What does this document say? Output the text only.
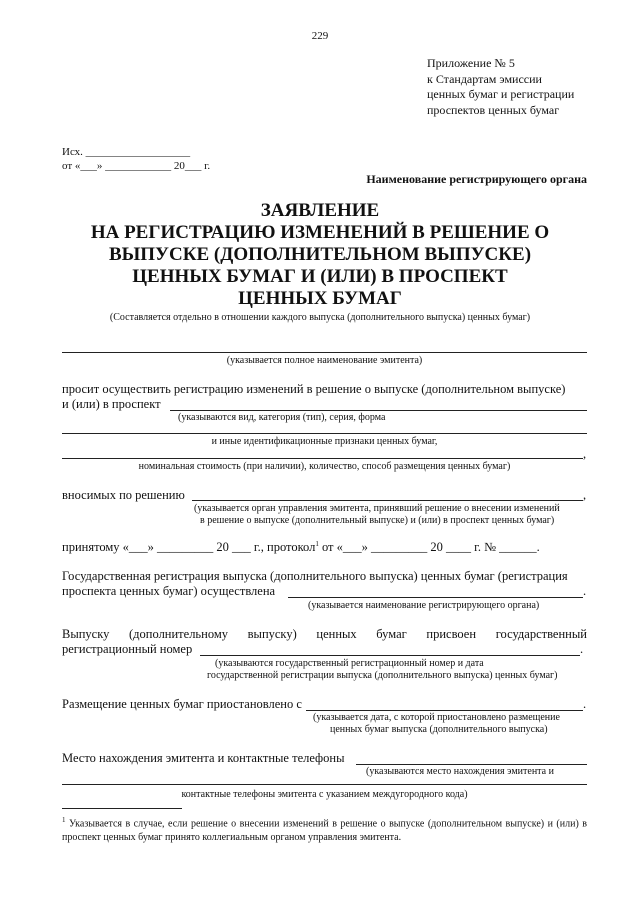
229
Приложение № 5
к Стандартам эмиссии
ценных бумаг и регистрации
проспектов ценных бумаг
Исх. ___________________
от «___» ____________ 20___ г.
Наименование регистрирующего органа
ЗАЯВЛЕНИЕ
НА РЕГИСТРАЦИЮ ИЗМЕНЕНИЙ В РЕШЕНИЕ О
ВЫПУСКЕ (ДОПОЛНИТЕЛЬНОМ ВЫПУСКЕ)
ЦЕННЫХ БУМАГ И (ИЛИ) В ПРОСПЕКТ
ЦЕННЫХ БУМАГ
(Составляется отдельно в отношении каждого выпуска (дополнительного выпуска) ценных бумаг)
(указывается полное наименование эмитента)
просит осуществить регистрацию изменений в решение о выпуске (дополнительном выпуске)
и (или) в проспект
(указываются вид, категория (тип), серия, форма
и иные идентификационные признаки ценных бумаг,
,
номинальная стоимость (при наличии), количество, способ размещения ценных бумаг)
вносимых по решению	,
(указывается орган управления эмитента, принявший решение о внесении изменений
в решение о выпуске (дополнительный выпуске) и (или) в проспект ценных бумаг)
принятому «___» _________ 20 ___ г., протокол$^1$ от «___» _________ 20 ____ г. № ______.
Государственная регистрация выпуска (дополнительного выпуска) ценных бумаг (регистрация
проспекта ценных бумаг) осуществлена	.
(указывается наименование регистрирующего органа)
Выпуску (дополнительному выпуску) ценных бумаг присвоен государственный
регистрационный номер	.
(указываются государственный регистрационный номер и дата
государственной регистрации выпуска (дополнительного выпуска) ценных бумаг)
Размещение ценных бумаг приостановлено с	.
(указывается дата, с которой приостановлено размещение
ценных бумаг выпуска (дополнительного выпуска)
Место нахождения эмитента и контактные телефоны
(указываются место нахождения эмитента и
контактные телефоны эмитента с указанием междугородного кода)
$^1$ Указывается в случае, если решение о внесении изменений в решение о выпуске (дополнительном выпуске) и (или) в проспект ценных бумаг принято коллегиальным органом управления эмитента.
